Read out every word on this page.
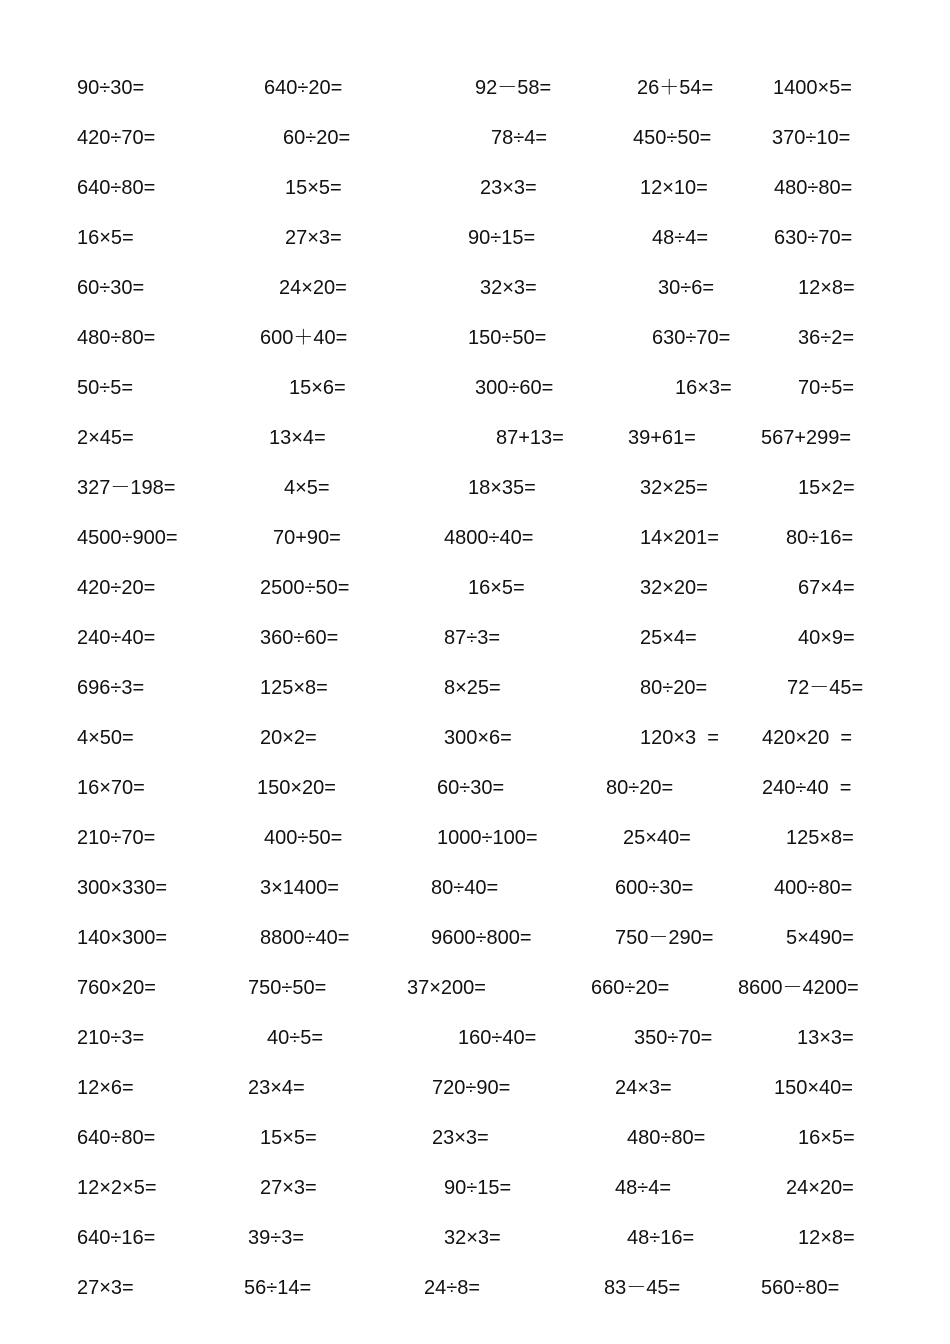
90÷30=	640÷20=	92－58=	26＋54=	1400×5=
420÷70=	60÷20=	78÷4=	450÷50=	370÷10=
640÷80=	15×5=	23×3=	12×10=	480÷80=
16×5=	27×3=	90÷15=	48÷4=	630÷70=
60÷30=	24×20=	32×3=	30÷6=	12×8=
480÷80=	600＋40=	150÷50=	630÷70=	36÷2=
50÷5=	15×6=	300÷60=	16×3=	70÷5=
2×45=	13×4=	87+13=	39+61=	567+299=
327－198=	4×5=	18×35=	32×25=	15×2=
4500÷900=	70+90=	4800÷40=	14×201=	80÷16=
420÷20=	2500÷50=	16×5=	32×20=	67×4=
240÷40=	360÷60=	87÷3=	25×4=	40×9=
696÷3=	125×8=	8×25=	80÷20=	72－45=
4×50=	20×2=	300×6=	120×3  = 420×20  =
16×70=	150×20=	60÷30=	80÷20=	240÷40  =
210÷70=	400÷50=	1000÷100=	25×40=	125×8=
300×330=	3×1400=	80÷40=	600÷30=	400÷80=
140×300=	8800÷40=	9600÷800=	750－290=	5×490=
760×20=	750÷50=	37×200=	660÷20=	8600－4200=
210÷3=	40÷5=	160÷40=	350÷70=	13×3=
12×6=	23×4=	720÷90=	24×3=	150×40=
640÷80=	15×5=	23×3=	480÷80=	16×5=
12×2×5=	27×3=	90÷15=	48÷4=	24×20=
640÷16=	39÷3=	32×3=	48÷16=	12×8=
27×3=	56÷14=	24÷8=	83－45=	560÷80=
